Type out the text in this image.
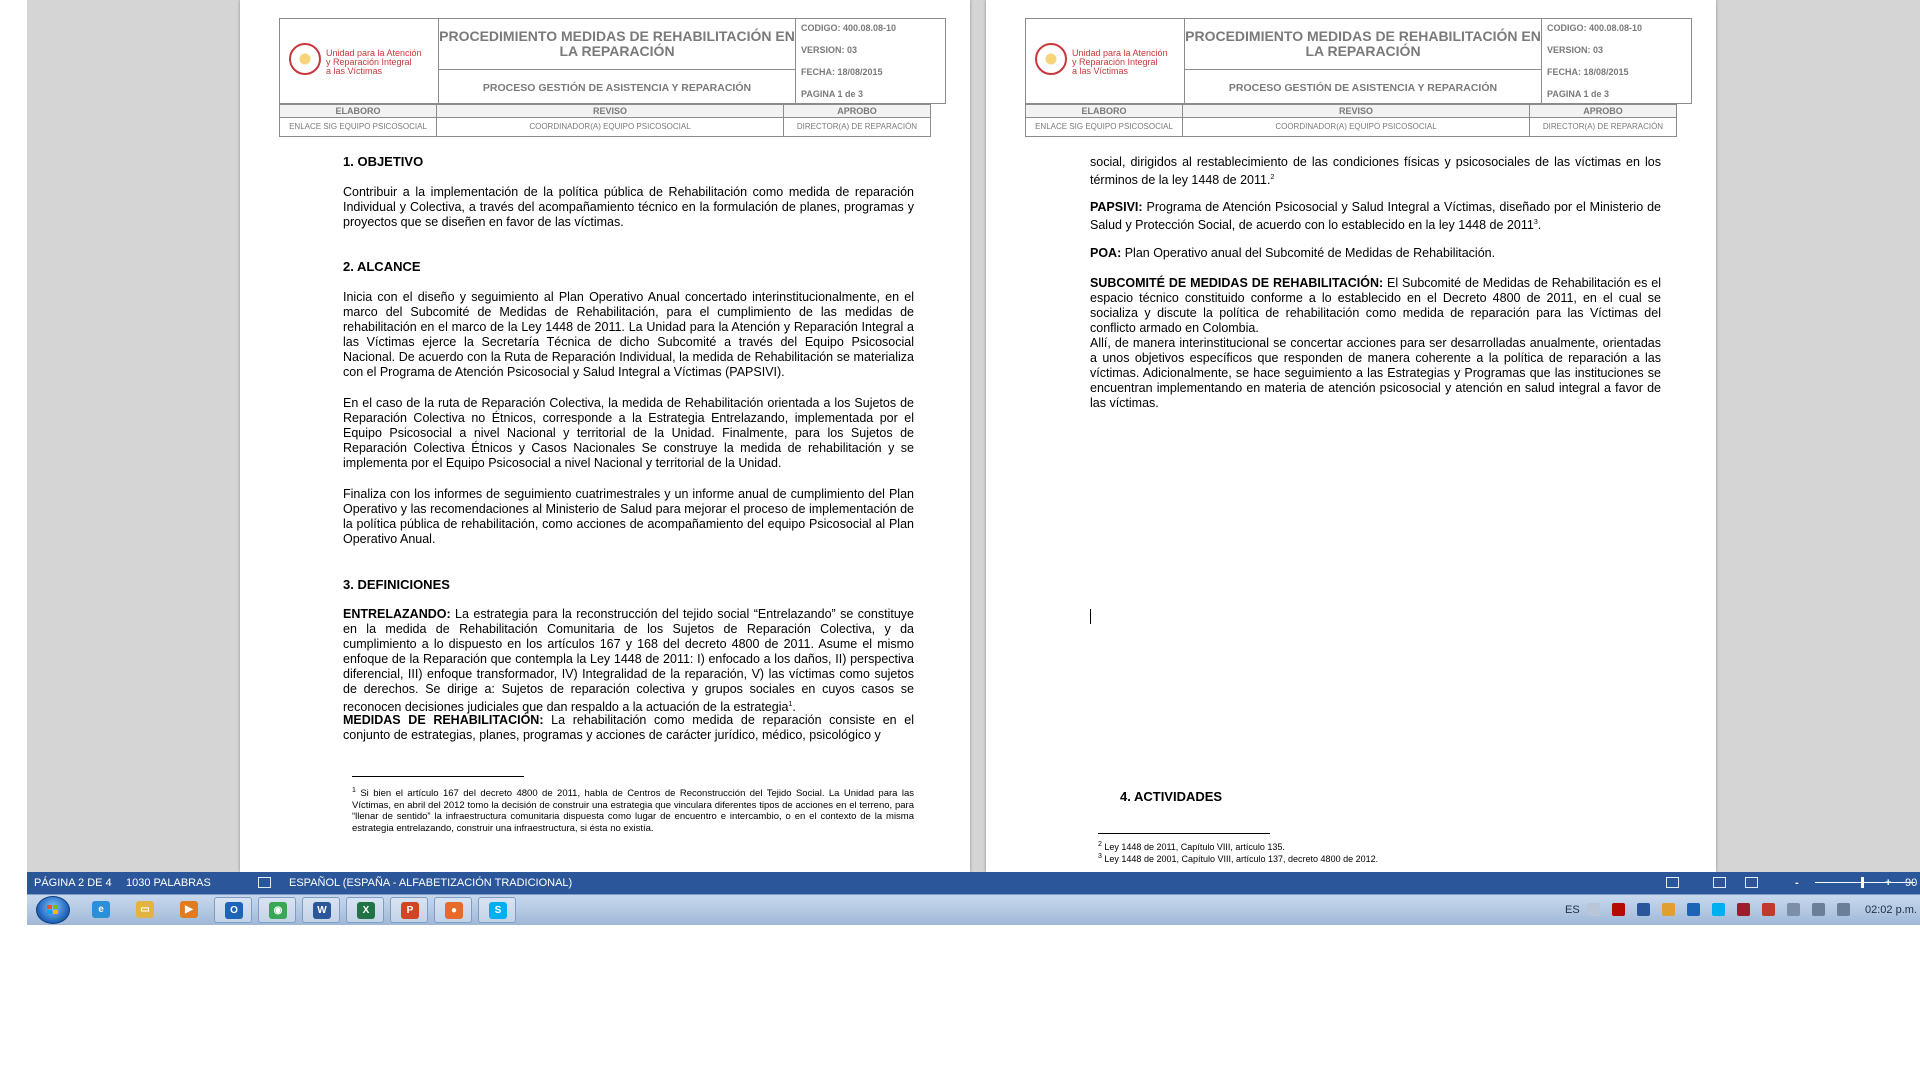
Unidad para la Atención
y Reparación Integral
a las Víctimas
PROCEDIMIENTO MEDIDAS DE REHABILITACIÓN EN
LA REPARACIÓN
PROCESO GESTIÓN DE ASISTENCIA Y REPARACIÓN
CODIGO: 400.08.08-10
VERSION: 03
FECHA: 18/08/2015
PAGINA 1 de 3
ELABORO	REVISO	APROBO
ENLACE SIG EQUIPO PSICOSOCIAL	COORDINADOR(A) EQUIPO PSICOSOCIAL	DIRECTOR(A) DE REPARACIÓN
1. OBJETIVO
Contribuir a la implementación de la política pública de Rehabilitación como medida de reparación Individual y Colectiva, a través del acompañamiento técnico en la formulación de planes, programas y proyectos que se diseñen en favor de las víctimas.
2. ALCANCE
Inicia con el diseño y seguimiento al Plan Operativo Anual concertado interinstitucionalmente, en el marco del Subcomité de Medidas de Rehabilitación, para el cumplimiento de las medidas de rehabilitación en el marco de la Ley 1448 de 2011. La Unidad para la Atención y Reparación Integral a las Víctimas ejerce la Secretaría Técnica de dicho Subcomité a través del Equipo Psicosocial Nacional. De acuerdo con la Ruta de Reparación Individual, la medida de Rehabilitación se materializa con el Programa de Atención Psicosocial y Salud Integral a Víctimas (PAPSIVI).
En el caso de la ruta de Reparación Colectiva, la medida de Rehabilitación orientada a los Sujetos de Reparación Colectiva no Étnicos, corresponde a la Estrategia Entrelazando, implementada por el Equipo Psicosocial a nivel Nacional y territorial de la Unidad. Finalmente, para los Sujetos de Reparación Colectiva Étnicos y Casos Nacionales Se construye la medida de rehabilitación y se implementa por el Equipo Psicosocial a nivel Nacional y territorial de la Unidad.
Finaliza con los informes de seguimiento cuatrimestrales y un informe anual de cumplimiento del Plan Operativo y las recomendaciones al Ministerio de Salud para mejorar el proceso de implementación de la política pública de rehabilitación, como acciones de acompañamiento del equipo Psicosocial al Plan Operativo Anual.
3. DEFINICIONES
ENTRELAZANDO: La estrategia para la reconstrucción del tejido social “Entrelazando” se constituye en la medida de Rehabilitación Comunitaria de los Sujetos de Reparación Colectiva, y da cumplimiento a lo dispuesto en los artículos 167 y 168 del decreto 4800 de 2011. Asume el mismo enfoque de la Reparación que contempla la Ley 1448 de 2011: I) enfocado a los daños, II) perspectiva diferencial, III) enfoque transformador, IV) Integralidad de la reparación, V) las víctimas como sujetos de derechos. Se dirige a: Sujetos de reparación colectiva y grupos sociales en cuyos casos se reconocen decisiones judiciales que dan respaldo a la actuación de la estrategia$^1$.
MEDIDAS DE REHABILITACIÓN: La rehabilitación como medida de reparación consiste en el conjunto de estrategias, planes, programas y acciones de carácter jurídico, médico, psicológico y
$^1$ Si bien el artículo 167 del decreto 4800 de 2011, habla de Centros de Reconstrucción del Tejido Social. La Unidad para las Víctimas, en abril del 2012 tomo la decisión de construir una estrategia que vinculara diferentes tipos de acciones en el terreno, para “llenar de sentido” la infraestructura comunitaria dispuesta como lugar de encuentro e intercambio, o en el contexto de la misma estrategia entrelazando, construir una infraestructura, si ésta no existía.
Unidad para la Atención
y Reparación Integral
a las Víctimas
PROCEDIMIENTO MEDIDAS DE REHABILITACIÓN EN
LA REPARACIÓN
PROCESO GESTIÓN DE ASISTENCIA Y REPARACIÓN
CODIGO: 400.08.08-10
VERSION: 03
FECHA: 18/08/2015
PAGINA 1 de 3
ELABORO	REVISO	APROBO
ENLACE SIG EQUIPO PSICOSOCIAL	COORDINADOR(A) EQUIPO PSICOSOCIAL	DIRECTOR(A) DE REPARACIÓN
social, dirigidos al restablecimiento de las condiciones físicas y psicosociales de las víctimas en los términos de la ley 1448 de 2011.$^2$
PAPSIVI: Programa de Atención Psicosocial y Salud Integral a Víctimas, diseñado por el Ministerio de Salud y Protección Social, de acuerdo con lo establecido en la ley 1448 de 2011$^3$.
POA: Plan Operativo anual del Subcomité de Medidas de Rehabilitación.
SUBCOMITÉ DE MEDIDAS DE REHABILITACIÓN: El Subcomité de Medidas de Rehabilitación es el espacio técnico constituido conforme a lo establecido en el Decreto 4800 de 2011, en el cual se socializa y discute la política de rehabilitación como medida de reparación para las Víctimas del conflicto armado en Colombia.
Allí, de manera interinstitucional se concertar acciones para ser desarrolladas anualmente, orientadas a unos objetivos específicos que responden de manera coherente a la política de reparación a las víctimas. Adicionalmente, se hace seguimiento a las Estrategias y Programas que las instituciones se encuentran implementando en materia de atención psicosocial y atención en salud integral a favor de las víctimas.
4. ACTIVIDADES
$^2$ Ley 1448 de 2011, Capítulo VIII, artículo 135.
$^3$ Ley 1448 de 2001, Capítulo VIII, artículo 137, decreto 4800 de 2012.
PÁGINA 2 DE 4 1030 PALABRAS	ESPAÑOL (ESPAÑA - ALFABETIZACIÓN TRADICIONAL)	-	+ 90
e	▭	▶	O	◉	W	X	P	●	S	ES	02:02 p.m.
